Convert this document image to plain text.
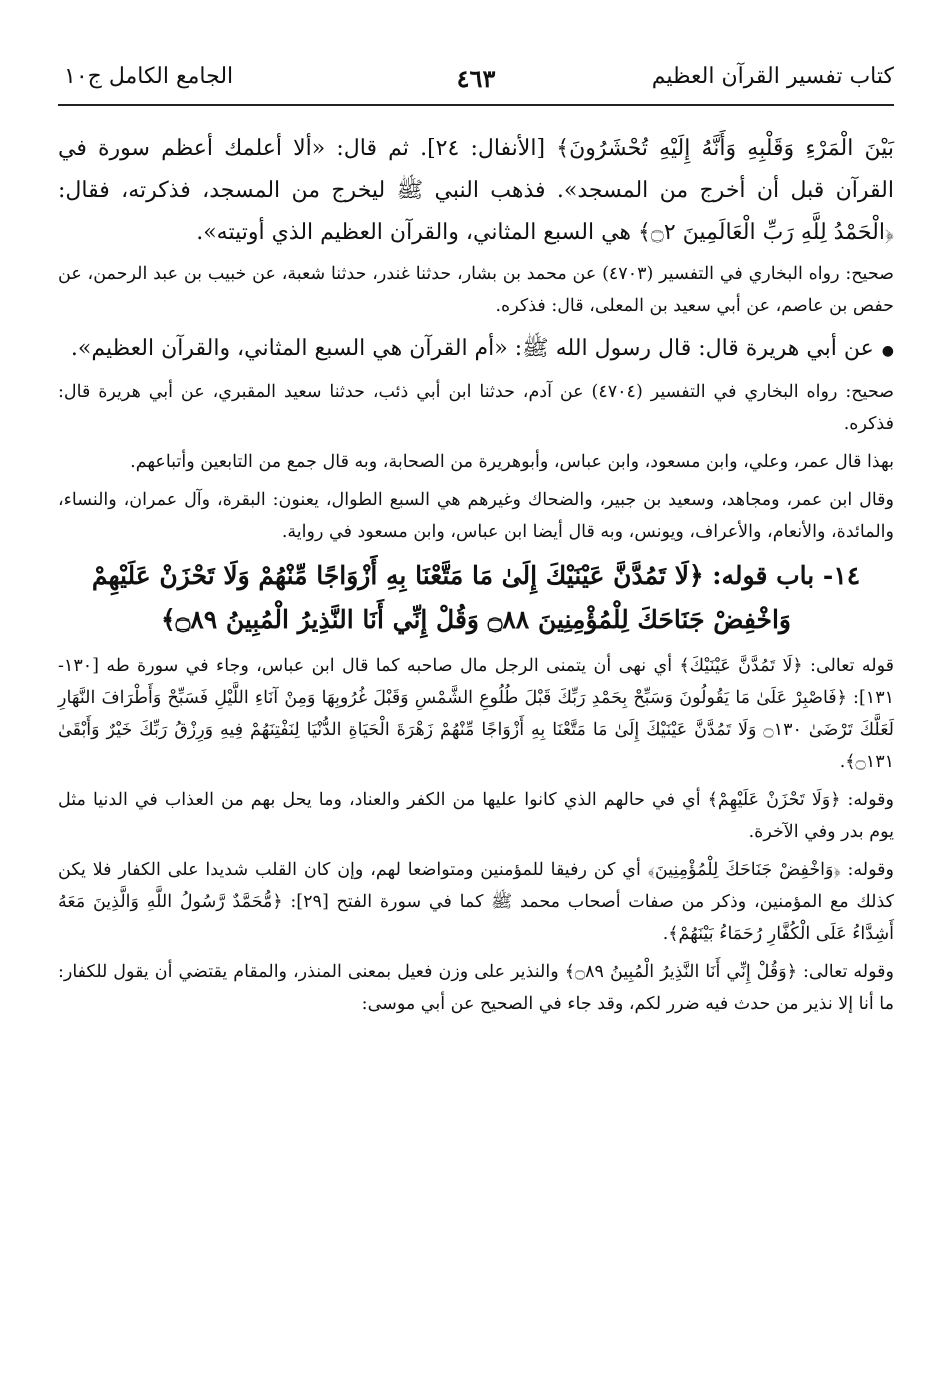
كتاب تفسير القرآن العظيم
٤٦٣
الجامع الكامل ج١٠

بَيْنَ الْمَرْءِ وَقَلْبِهِ وَأَنَّهُ إِلَيْهِ تُحْشَرُونَ﴾ [الأنفال: ٢٤]. ثم قال: «ألا أعلمك أعظم سورة في القرآن قبل أن أخرج من المسجد». فذهب النبي ﷺ ليخرج من المسجد، فذكرته، فقال: ﴿الْحَمْدُ لِلَّهِ رَبِّ الْعَالَمِينَ ۝٢﴾ هي السبع المثاني، والقرآن العظيم الذي أوتيته».

صحيح: رواه البخاري في التفسير (٤٧٠٣) عن محمد بن بشار، حدثنا غندر، حدثنا شعبة، عن خبيب بن عبد الرحمن، عن حفص بن عاصم، عن أبي سعيد بن المعلى، قال: فذكره.

●عن أبي هريرة قال: قال رسول الله ﷺ: «أم القرآن هي السبع المثاني، والقرآن العظيم».

صحيح: رواه البخاري في التفسير (٤٧٠٤) عن آدم، حدثنا ابن أبي ذئب، حدثنا سعيد المقبري، عن أبي هريرة قال: فذكره.

بهذا قال عمر، وعلي، وابن مسعود، وابن عباس، وأبوهريرة من الصحابة، وبه قال جمع من التابعين وأتباعهم.

وقال ابن عمر، ومجاهد، وسعيد بن جبير، والضحاك وغيرهم هي السبع الطوال، يعنون: البقرة، وآل عمران، والنساء، والمائدة، والأنعام، والأعراف، ويونس، وبه قال أيضا ابن عباس، وابن مسعود في رواية.

١٤- باب قوله: ﴿لَا تَمُدَّنَّ عَيْنَيْكَ إِلَىٰ مَا مَتَّعْنَا بِهِ أَزْوَاجًا مِّنْهُمْ وَلَا تَحْزَنْ عَلَيْهِمْ وَاخْفِضْ جَنَاحَكَ لِلْمُؤْمِنِينَ ۝٨٨ وَقُلْ إِنِّي أَنَا النَّذِيرُ الْمُبِينُ ۝٨٩﴾

قوله تعالى: ﴿لَا تَمُدَّنَّ عَيْنَيْكَ﴾ أي نهى أن يتمنى الرجل مال صاحبه كما قال ابن عباس، وجاء في سورة طه [١٣٠- ١٣١]: ﴿فَاصْبِرْ عَلَىٰ مَا يَقُولُونَ وَسَبِّحْ بِحَمْدِ رَبِّكَ قَبْلَ طُلُوعِ الشَّمْسِ وَقَبْلَ غُرُوبِهَا وَمِنْ آنَاءِ اللَّيْلِ فَسَبِّحْ وَأَطْرَافَ النَّهَارِ لَعَلَّكَ تَرْضَىٰ ۝١٣٠ وَلَا تَمُدَّنَّ عَيْنَيْكَ إِلَىٰ مَا مَتَّعْنَا بِهِ أَزْوَاجًا مِّنْهُمْ زَهْرَةَ الْحَيَاةِ الدُّنْيَا لِنَفْتِنَهُمْ فِيهِ وَرِزْقُ رَبِّكَ خَيْرٌ وَأَبْقَىٰ ۝١٣١﴾.

وقوله: ﴿وَلَا تَحْزَنْ عَلَيْهِمْ﴾ أي في حالهم الذي كانوا عليها من الكفر والعناد، وما يحل بهم من العذاب في الدنيا مثل يوم بدر وفي الآخرة.

وقوله: ﴿وَاخْفِضْ جَنَاحَكَ لِلْمُؤْمِنِينَ﴾ أي كن رفيقا للمؤمنين ومتواضعا لهم، وإن كان القلب شديدا على الكفار فلا يكن كذلك مع المؤمنين، وذكر من صفات أصحاب محمد ﷺ كما في سورة الفتح [٢٩]: ﴿مُّحَمَّدٌ رَّسُولُ اللَّهِ وَالَّذِينَ مَعَهُ أَشِدَّاءُ عَلَى الْكُفَّارِ رُحَمَاءُ بَيْنَهُمْ﴾.

وقوله تعالى: ﴿وَقُلْ إِنِّي أَنَا النَّذِيرُ الْمُبِينُ ۝٨٩﴾ والنذير على وزن فعيل بمعنى المنذر، والمقام يقتضي أن يقول للكفار: ما أنا إلا نذير من حدث فيه ضرر لكم، وقد جاء في الصحيح عن أبي موسى:
